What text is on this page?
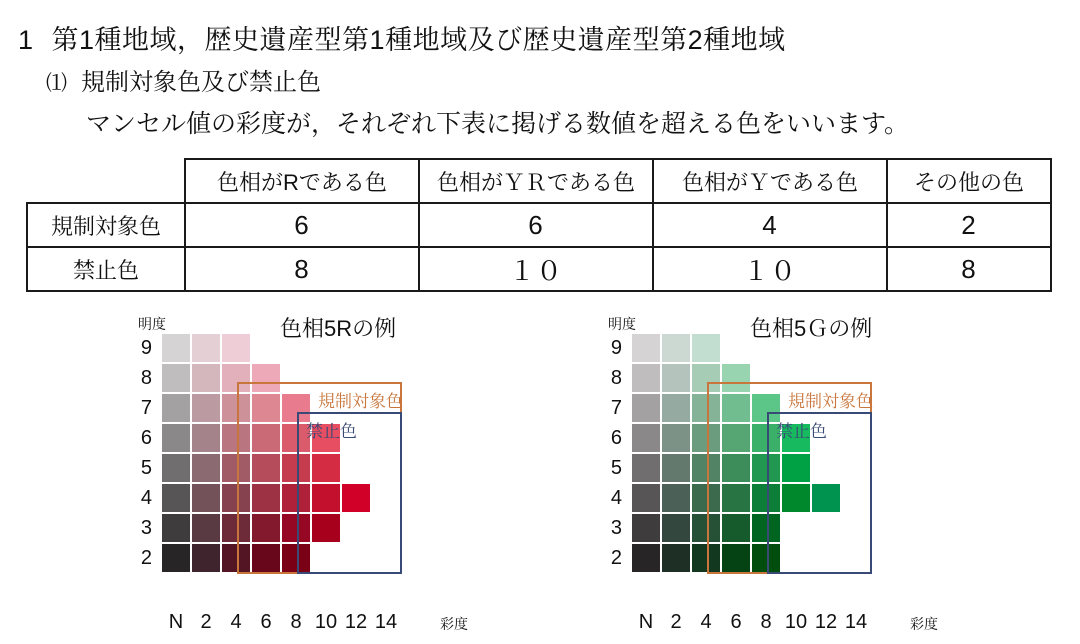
1 第1種地域，歴史遺産型第1種地域及び歴史遺産型第2種地域
⑴ 規制対象色及び禁止色
マンセル値の彩度が，それぞれ下表に掲げる数値を超える色をいいます。
	色相がRである色	色相がＹＲである色	色相がＹである色	その他の色
規制対象色	6	6	4	2
禁止色	8	１０	１０	8
明度	色相5Rの例
彩度
規制対象色
禁止色
9
8
7
6
5
4
3
2
N 2 4 6 8 10 12 14
明度	色相5Ｇの例
彩度
規制対象色
禁止色
9
8
7
6
5
4
3
2
N 2 4 6 8 10 12 14
